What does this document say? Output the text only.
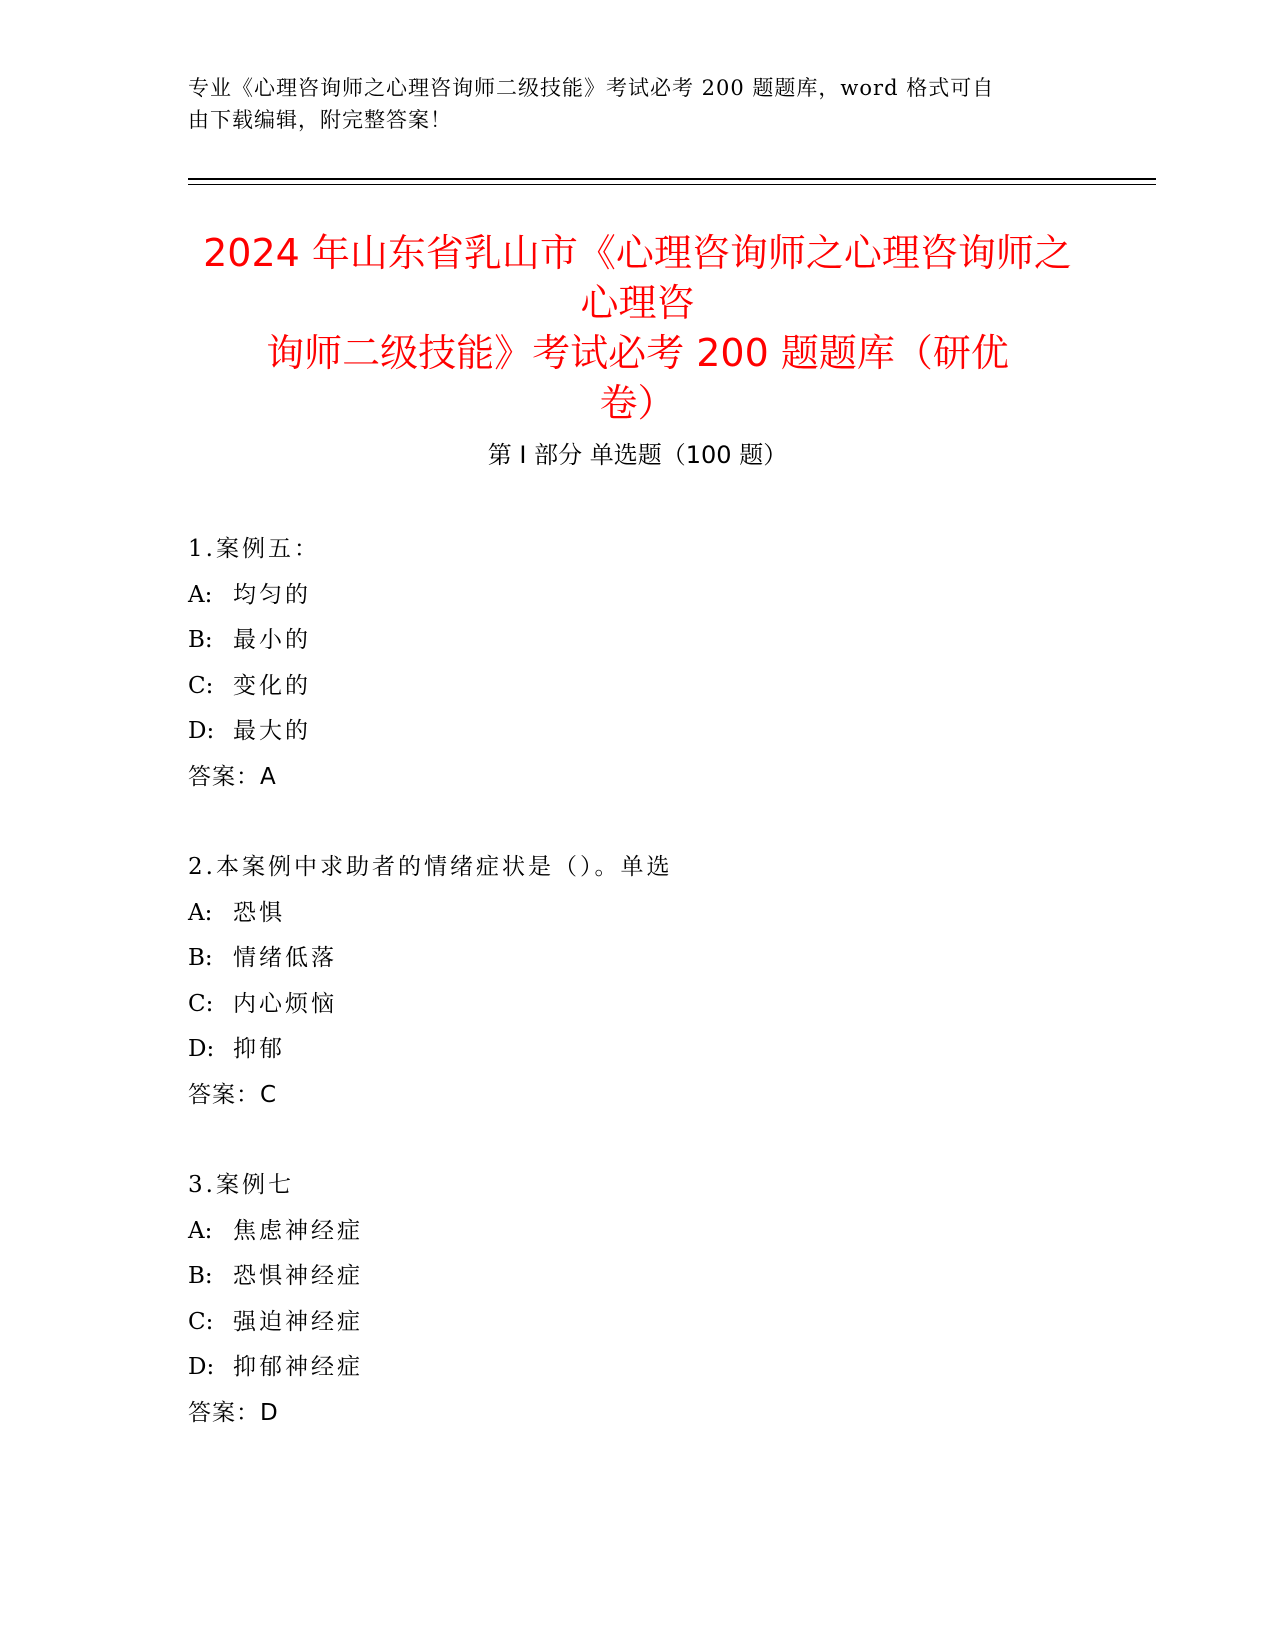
专业《心理咨询师之心理咨询师二级技能》考试必考 200 题题库，word 格式可自
由下载编辑，附完整答案！
2024 年山东省乳山市《心理咨询师之心理咨询师之心理咨
询师二级技能》考试必考 200 题题库（研优
卷）
第 I 部分 单选题（100 题）
1.案例五：
A: 均匀的
B: 最小的
C: 变化的
D: 最大的
答案：A
2.本案例中求助者的情绪症状是（）。单选
A: 恐惧
B: 情绪低落
C: 内心烦恼
D: 抑郁
答案：C
3.案例七
A: 焦虑神经症
B: 恐惧神经症
C: 强迫神经症
D: 抑郁神经症
答案：D
